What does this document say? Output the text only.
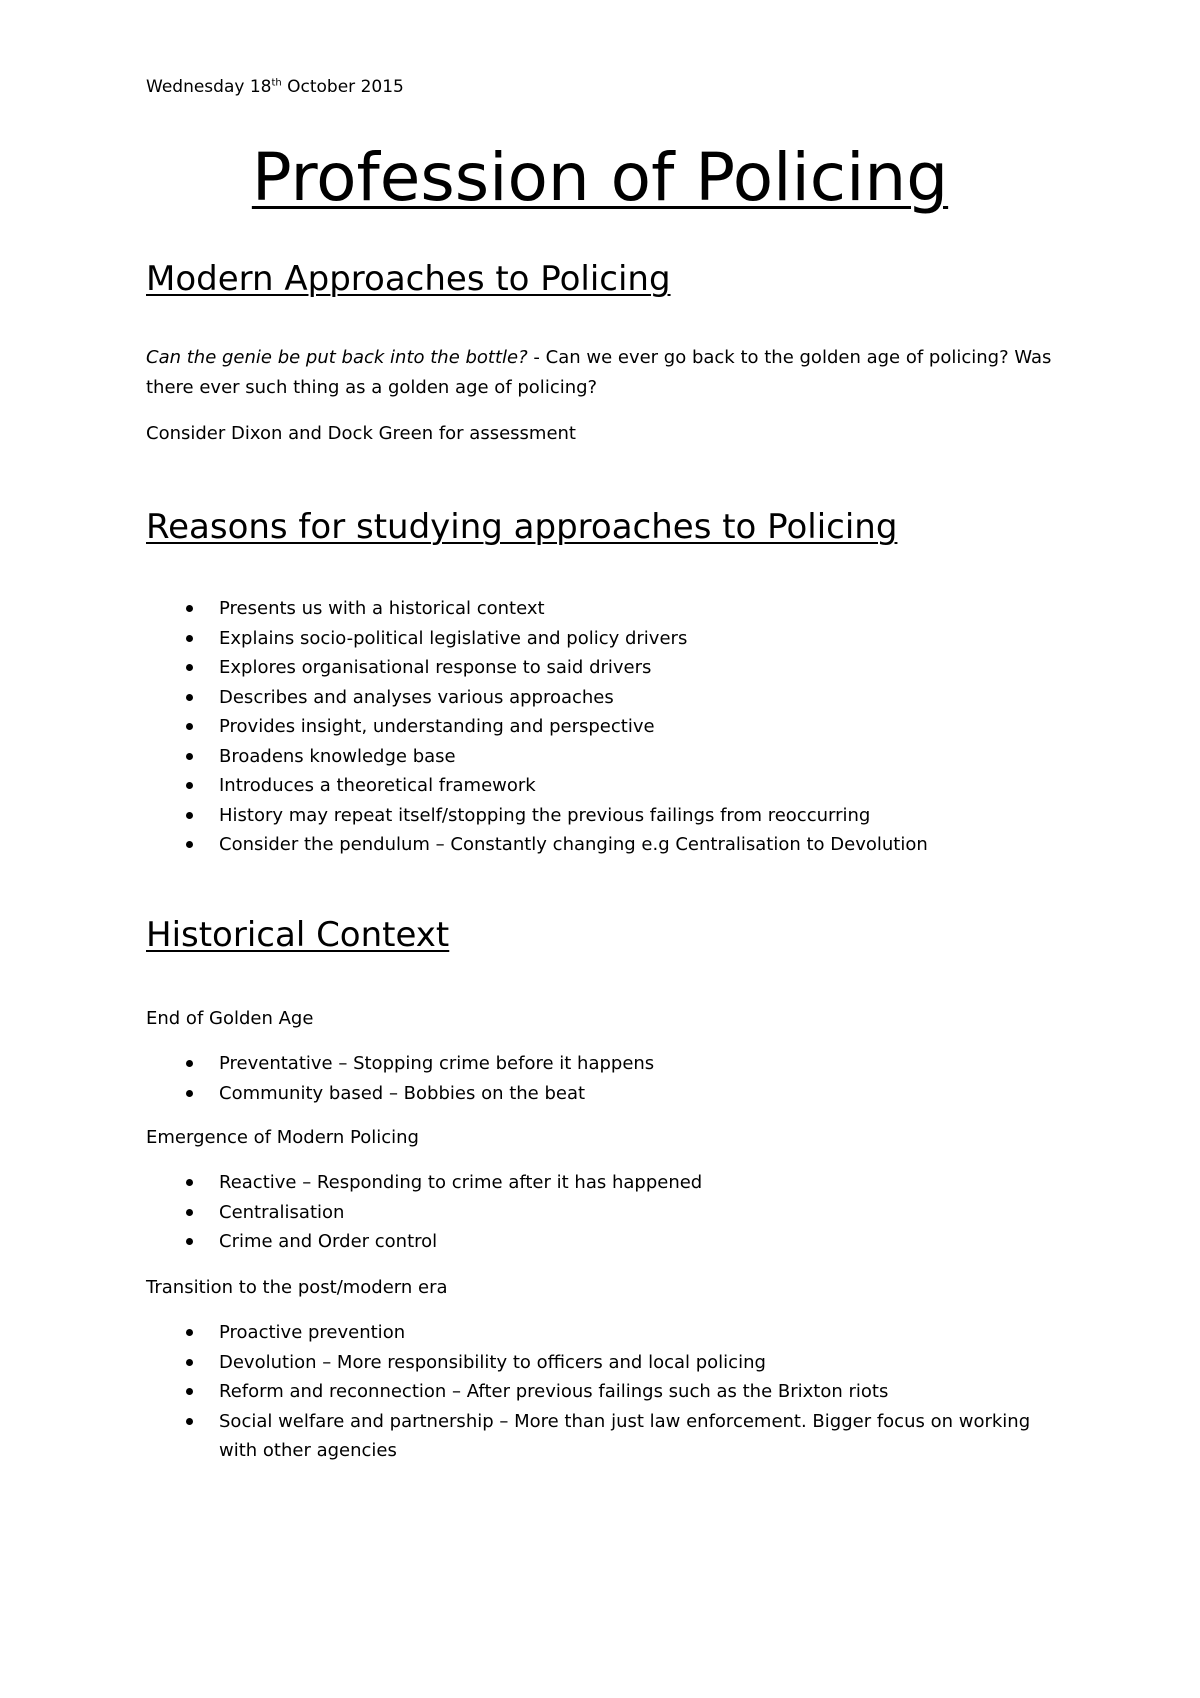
Wednesday 18th October 2015
Profession of Policing
Modern Approaches to Policing
Can the genie be put back into the bottle? - Can we ever go back to the golden age of policing? Was there ever such thing as a golden age of policing?
Consider Dixon and Dock Green for assessment
Reasons for studying approaches to Policing
Presents us with a historical context
Explains socio-political legislative and policy drivers
Explores organisational response to said drivers
Describes and analyses various approaches
Provides insight, understanding and perspective
Broadens knowledge base
Introduces a theoretical framework
History may repeat itself/stopping the previous failings from reoccurring
Consider the pendulum – Constantly changing e.g Centralisation to Devolution
Historical Context
End of Golden Age
Preventative – Stopping crime before it happens
Community based – Bobbies on the beat
Emergence of Modern Policing
Reactive – Responding to crime after it has happened
Centralisation
Crime and Order control
Transition to the post/modern era
Proactive prevention
Devolution – More responsibility to officers and local policing
Reform and reconnection – After previous failings such as the Brixton riots
Social welfare and partnership – More than just law enforcement. Bigger focus on working with other agencies
